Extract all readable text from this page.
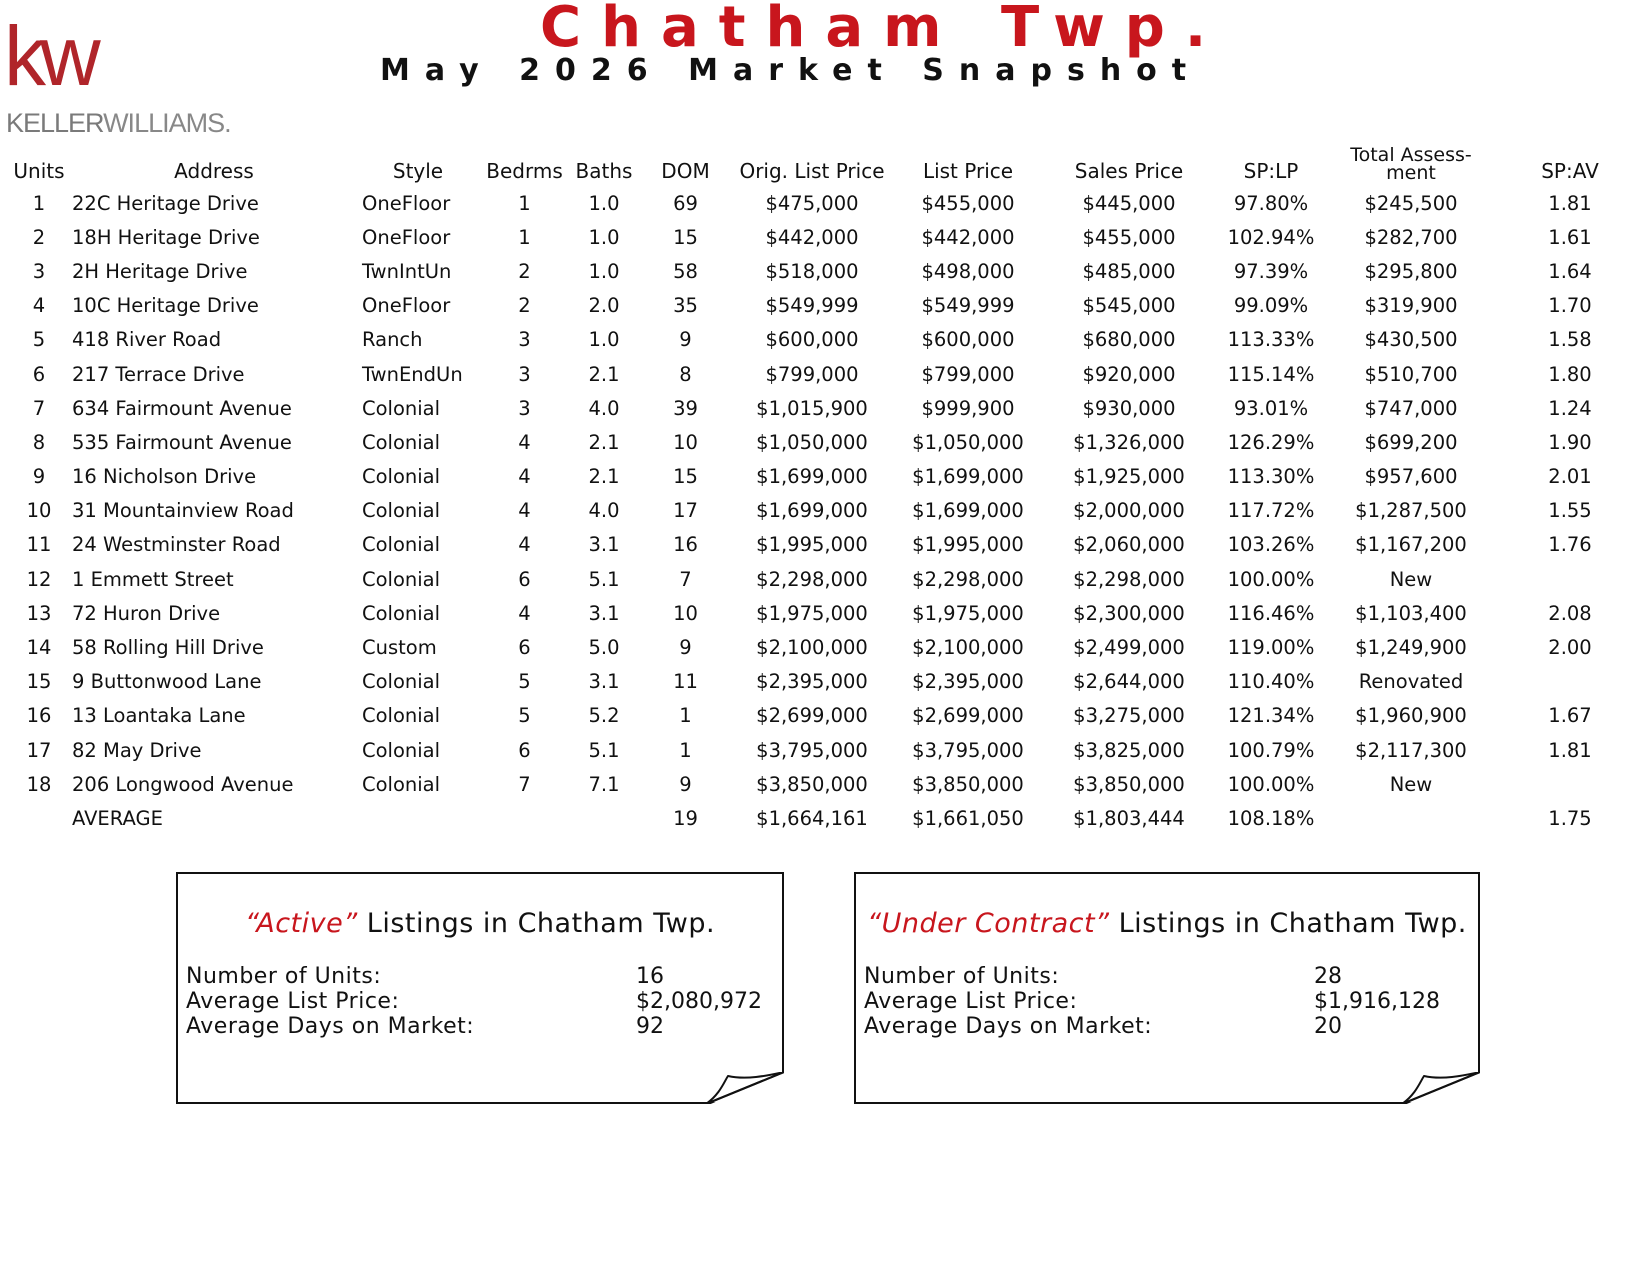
kw
KELLERWILLIAMS.
Chatham Twp.
May 2026 Market Snapshot
Units	Address	Style	Bedrms	Baths	DOM	Orig. List Price	List Price	Sales Price	SP:LP	Total Assess-ment	SP:AV
1	22C Heritage Drive	OneFloor	1	1.0	69	$475,000	$455,000	$445,000	97.80%	$245,500	1.81
2	18H Heritage Drive	OneFloor	1	1.0	15	$442,000	$442,000	$455,000	102.94%	$282,700	1.61
3	2H Heritage Drive	TwnIntUn	2	1.0	58	$518,000	$498,000	$485,000	97.39%	$295,800	1.64
4	10C Heritage Drive	OneFloor	2	2.0	35	$549,999	$549,999	$545,000	99.09%	$319,900	1.70
5	418 River Road	Ranch	3	1.0	9	$600,000	$600,000	$680,000	113.33%	$430,500	1.58
6	217 Terrace Drive	TwnEndUn	3	2.1	8	$799,000	$799,000	$920,000	115.14%	$510,700	1.80
7	634 Fairmount Avenue	Colonial	3	4.0	39	$1,015,900	$999,900	$930,000	93.01%	$747,000	1.24
8	535 Fairmount Avenue	Colonial	4	2.1	10	$1,050,000	$1,050,000	$1,326,000	126.29%	$699,200	1.90
9	16 Nicholson Drive	Colonial	4	2.1	15	$1,699,000	$1,699,000	$1,925,000	113.30%	$957,600	2.01
10	31 Mountainview Road	Colonial	4	4.0	17	$1,699,000	$1,699,000	$2,000,000	117.72%	$1,287,500	1.55
11	24 Westminster Road	Colonial	4	3.1	16	$1,995,000	$1,995,000	$2,060,000	103.26%	$1,167,200	1.76
12	1 Emmett Street	Colonial	6	5.1	7	$2,298,000	$2,298,000	$2,298,000	100.00%	New	
13	72 Huron Drive	Colonial	4	3.1	10	$1,975,000	$1,975,000	$2,300,000	116.46%	$1,103,400	2.08
14	58 Rolling Hill Drive	Custom	6	5.0	9	$2,100,000	$2,100,000	$2,499,000	119.00%	$1,249,900	2.00
15	9 Buttonwood Lane	Colonial	5	3.1	11	$2,395,000	$2,395,000	$2,644,000	110.40%	Renovated	
16	13 Loantaka Lane	Colonial	5	5.2	1	$2,699,000	$2,699,000	$3,275,000	121.34%	$1,960,900	1.67
17	82 May Drive	Colonial	6	5.1	1	$3,795,000	$3,795,000	$3,825,000	100.79%	$2,117,300	1.81
18	206 Longwood Avenue	Colonial	7	7.1	9	$3,850,000	$3,850,000	$3,850,000	100.00%	New	
	AVERAGE				19	$1,664,161	$1,661,050	$1,803,444	108.18%		1.75
“Active” Listings in Chatham Twp.
Number of Units:	16
Average List Price:	$2,080,972
Average Days on Market:	92
“Under Contract” Listings in Chatham Twp.
Number of Units:	28
Average List Price:	$1,916,128
Average Days on Market:	20
